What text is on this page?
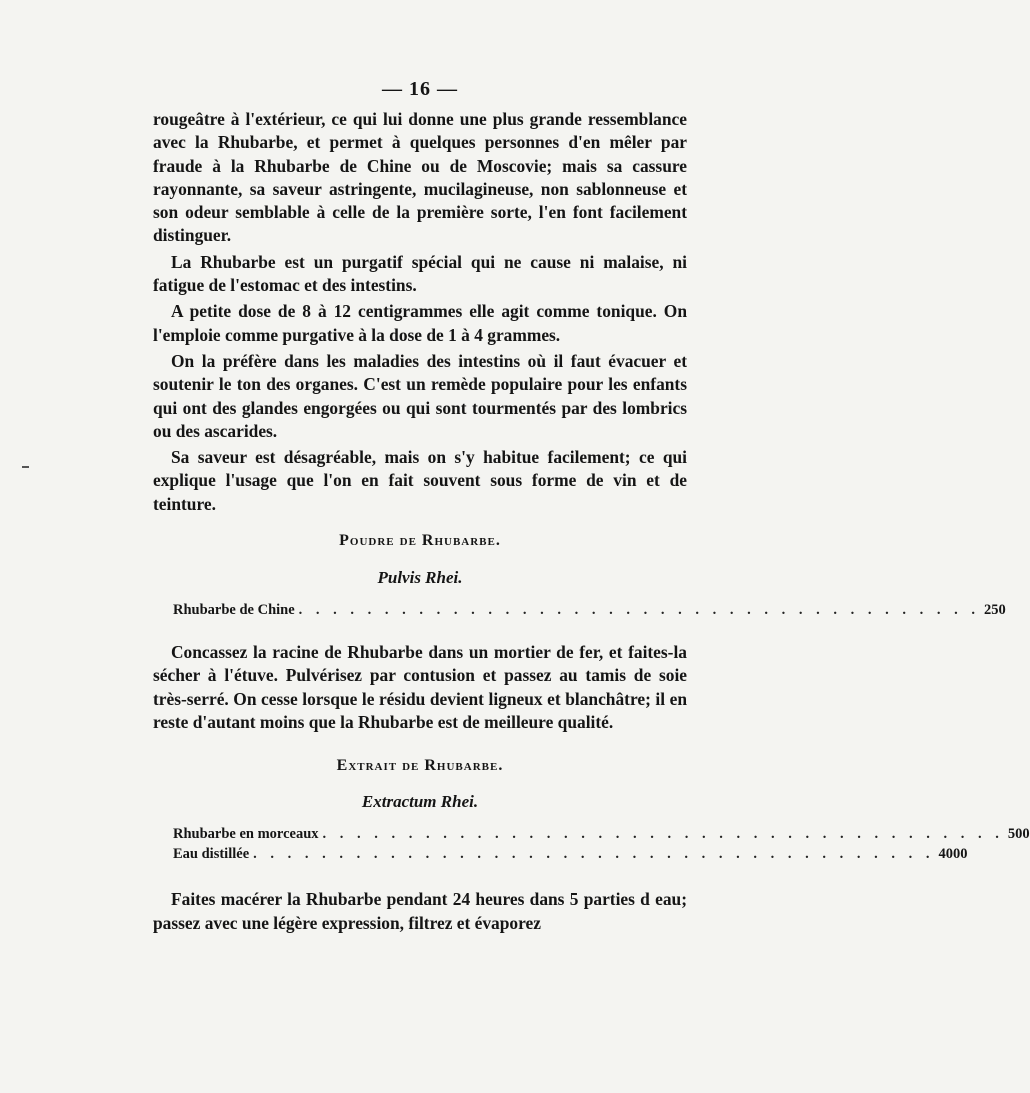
— 16 —

rougeâtre à l'extérieur, ce qui lui donne une plus grande ressemblance avec la Rhubarbe, et permet à quelques personnes d'en mêler par fraude à la Rhubarbe de Chine ou de Moscovie; mais sa cassure rayonnante, sa saveur astringente, mucilagineuse, non sablonneuse et son odeur semblable à celle de la première sorte, l'en font facilement distinguer.

La Rhubarbe est un purgatif spécial qui ne cause ni malaise, ni fatigue de l'estomac et des intestins.

A petite dose de 8 à 12 centigrammes elle agit comme tonique. On l'emploie comme purgative à la dose de 1 à 4 grammes.

On la préfère dans les maladies des intestins où il faut évacuer et soutenir le ton des organes. C'est un remède populaire pour les enfants qui ont des glandes engorgées ou qui sont tourmentés par des lombrics ou des ascarides.

Sa saveur est désagréable, mais on s'y habitue facilement; ce qui explique l'usage que l'on en fait souvent sous forme de vin et de teinture.

Poudre de Rhubarbe.
Pulvis Rhei.
Rhubarbe de Chine . . . . . . . . . . . . . . . . . . . . . . . . . . . . . . . . . . . . . . . . 250

Concassez la racine de Rhubarbe dans un mortier de fer, et faites-la sécher à l'étuve. Pulvérisez par contusion et passez au tamis de soie très-serré. On cesse lorsque le résidu devient ligneux et blanchâtre; il en reste d'autant moins que la Rhubarbe est de meilleure qualité.

Extrait de Rhubarbe.
Extractum Rhei.
Rhubarbe en morceaux . . . . . . . . . . . . . . . . . . . . . . . . . . . . . . . . . . . . . . . . 500
Eau distillée . . . . . . . . . . . . . . . . . . . . . . . . . . . . . . . . . . . . . . . . 4000

Faites macérer la Rhubarbe pendant 24 heures dans 5 parties d eau; passez avec une légère expression, filtrez et évaporez
